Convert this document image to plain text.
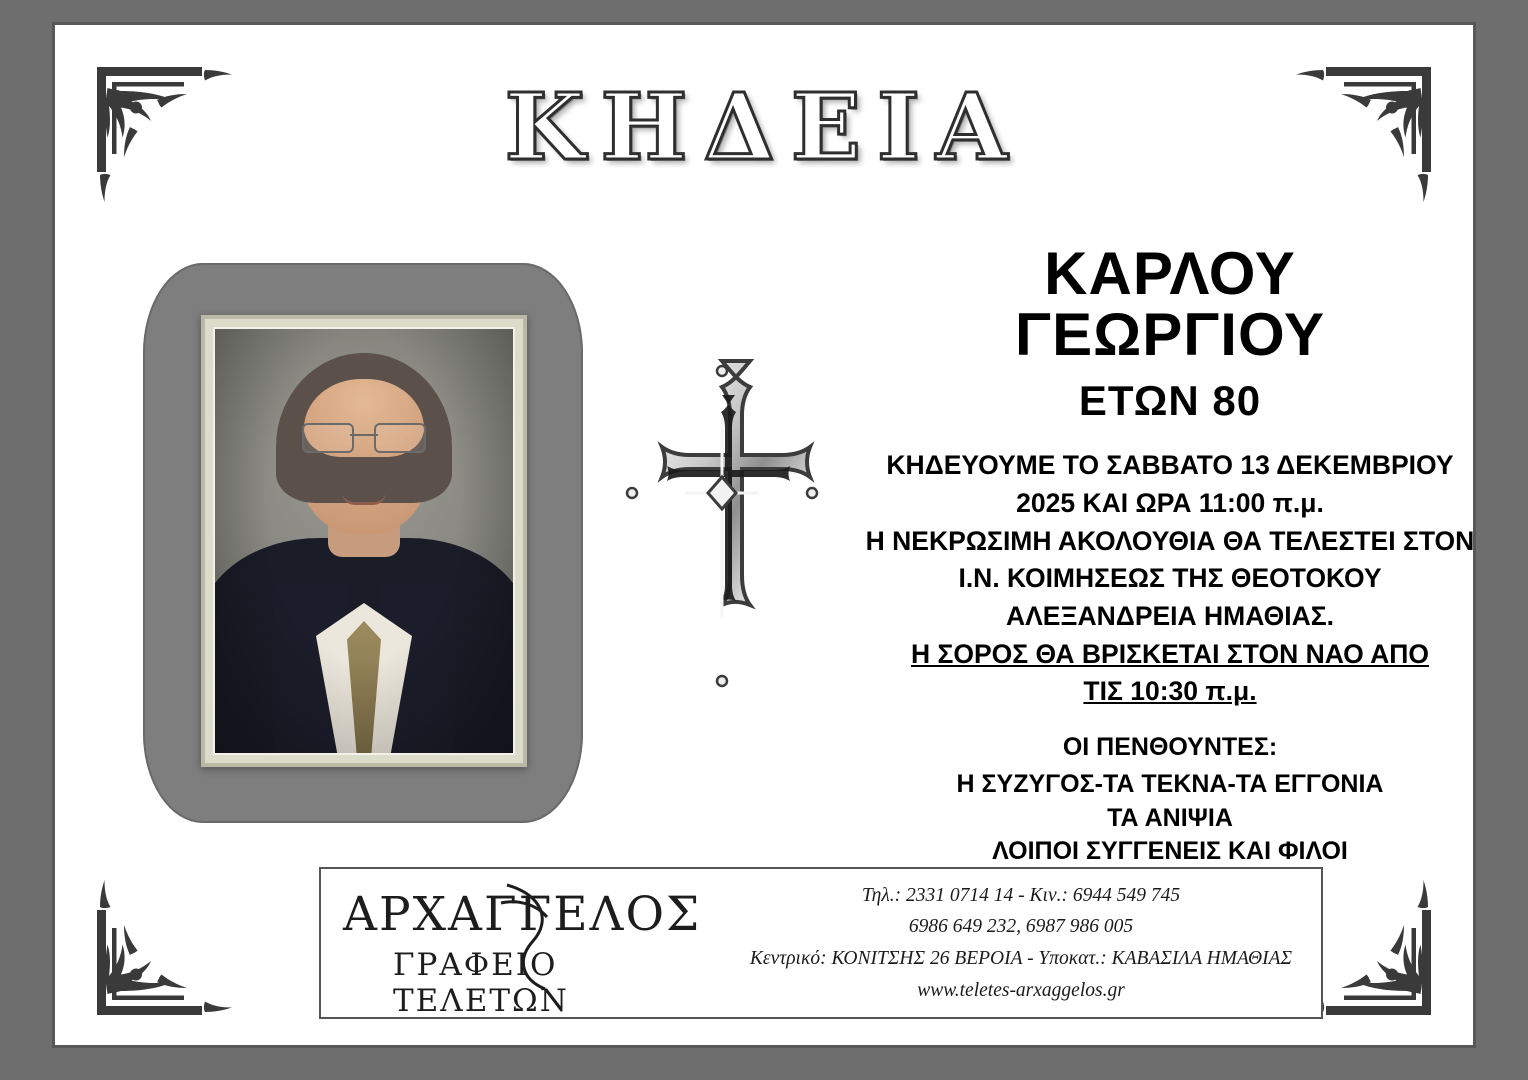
ΚΗΔΕΙΑ
ΚΑΡΛΟΥ
ΓΕΩΡΓΙΟΥ
ΕΤΩΝ 80
ΚΗΔΕΥΟΥΜΕ ΤΟ ΣΑΒΒΑΤΟ 13 ΔΕΚΕΜΒΡΙΟΥ
2025 ΚΑΙ ΩΡΑ 11:00 π.μ.
Η ΝΕΚΡΩΣΙΜΗ ΑΚΟΛΟΥΘΙΑ ΘΑ ΤΕΛΕΣΤΕΙ ΣΤΟΝ
Ι.Ν. ΚΟΙΜΗΣΕΩΣ ΤΗΣ ΘΕΟΤΟΚΟΥ
ΑΛΕΞΑΝΔΡΕΙΑ ΗΜΑΘΙΑΣ.
Η ΣΟΡΟΣ ΘΑ ΒΡΙΣΚΕΤΑΙ ΣΤΟΝ ΝΑΟ ΑΠΟ
ΤΙΣ 10:30 π.μ.
ΟΙ ΠΕΝΘΟΥΝΤΕΣ:
Η ΣΥΖΥΓΟΣ-ΤΑ ΤΕΚΝΑ-ΤΑ ΕΓΓΟΝΙΑ
ΤΑ ΑΝΙΨΙΑ
ΛΟΙΠΟΙ ΣΥΓΓΕΝΕΙΣ ΚΑΙ ΦΙΛΟΙ
ΑΡΧΑΓΓΕΛΟΣ
ΓΡΑΦΕΙΟ ΤΕΛΕΤΩΝ
Τηλ.: 2331 0714 14 - Κιν.: 6944 549 745
6986 649 232, 6987 986 005
Κεντρικό: ΚΟΝΙΤΣΗΣ 26 ΒΕΡΟΙΑ - Υποκατ.: ΚΑΒΑΣΙΛΑ ΗΜΑΘΙΑΣ
www.teletes-arxaggelos.gr
